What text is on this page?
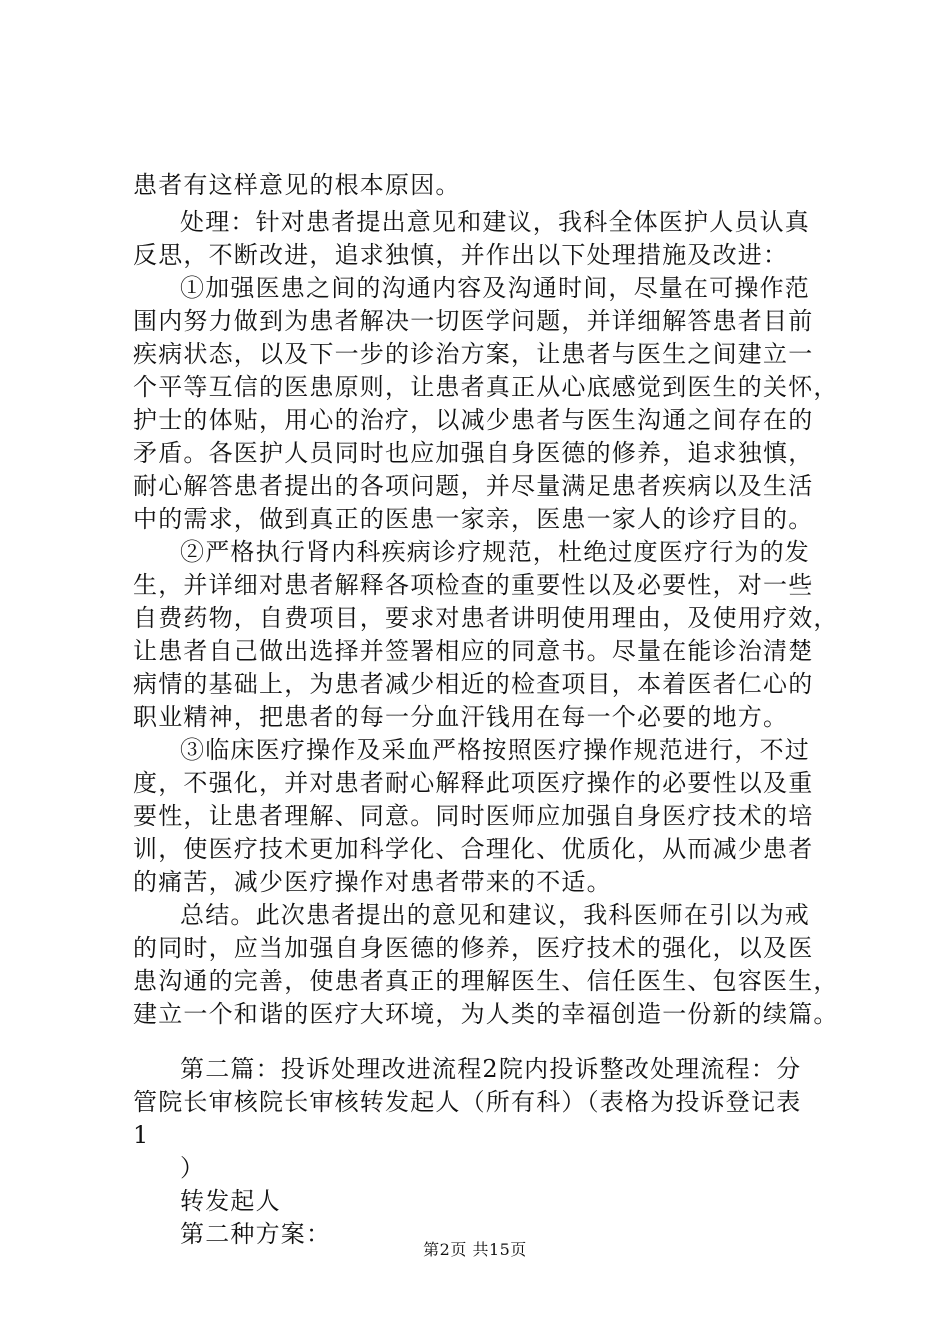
患者有这样意见的根本原因。
处理：针对患者提出意见和建议，我科全体医护人员认真
反思，不断改进，追求独慎，并作出以下处理措施及改进：
①加强医患之间的沟通内容及沟通时间，尽量在可操作范
围内努力做到为患者解决一切医学问题，并详细解答患者目前
疾病状态，以及下一步的诊治方案，让患者与医生之间建立一
个平等互信的医患原则，让患者真正从心底感觉到医生的关怀，
护士的体贴，用心的治疗，以减少患者与医生沟通之间存在的
矛盾。各医护人员同时也应加强自身医德的修养，追求独慎，
耐心解答患者提出的各项问题，并尽量满足患者疾病以及生活
中的需求，做到真正的医患一家亲，医患一家人的诊疗目的。
②严格执行肾内科疾病诊疗规范，杜绝过度医疗行为的发
生，并详细对患者解释各项检查的重要性以及必要性，对一些
自费药物，自费项目，要求对患者讲明使用理由，及使用疗效，
让患者自己做出选择并签署相应的同意书。尽量在能诊治清楚
病情的基础上，为患者减少相近的检查项目，本着医者仁心的
职业精神，把患者的每一分血汗钱用在每一个必要的地方。
③临床医疗操作及采血严格按照医疗操作规范进行，不过
度，不强化，并对患者耐心解释此项医疗操作的必要性以及重
要性，让患者理解、同意。同时医师应加强自身医疗技术的培
训，使医疗技术更加科学化、合理化、优质化，从而减少患者
的痛苦，减少医疗操作对患者带来的不适。
总结。此次患者提出的意见和建议，我科医师在引以为戒
的同时，应当加强自身医德的修养，医疗技术的强化，以及医
患沟通的完善，使患者真正的理解医生、信任医生、包容医生，
建立一个和谐的医疗大环境，为人类的幸福创造一份新的续篇。
第二篇：投诉处理改进流程2院内投诉整改处理流程：分
管院长审核院长审核转发起人（所有科）（表格为投诉登记表
1
）
转发起人
第二种方案：
第2页 共15页
